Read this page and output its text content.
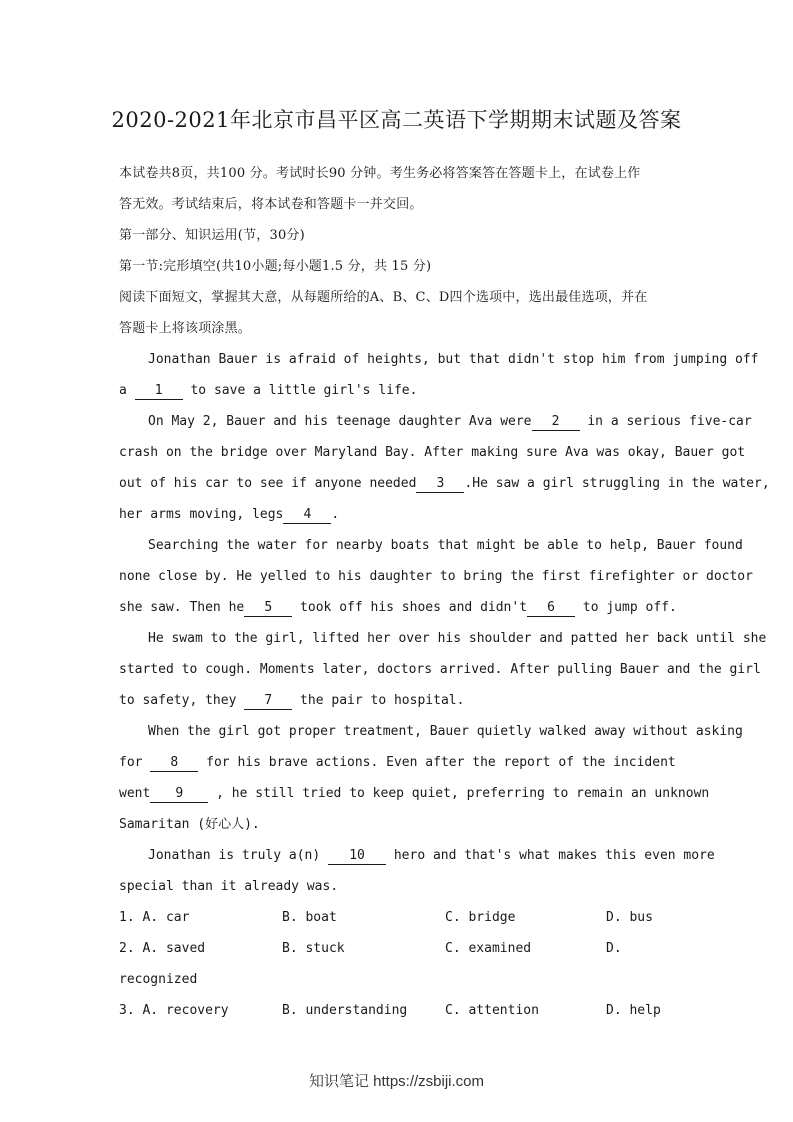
2020-2021年北京市昌平区高二英语下学期期末试题及答案
本试卷共8页，共100 分。考试时长90 分钟。考生务必将答案答在答题卡上，在试卷上作
答无效。考试结束后，将本试卷和答题卡一并交回。
第一部分、知识运用(节，30分)
第一节:完形填空(共10小题;每小题1.5 分，共 15 分)
阅读下面短文，掌握其大意，从每题所给的A、B、C、D四个选项中，选出最佳选项，并在
答题卡上将该项涂黑。
Jonathan Bauer is afraid of heights, but that didn't stop him from jumping off
a 1 to save a little girl's life.
On May 2, Bauer and his teenage daughter Ava were 2 in a serious five-car
crash on the bridge over Maryland Bay. After making sure Ava was okay, Bauer got
out of his car to see if anyone needed 3 .He saw a girl struggling in the water,
her arms moving, legs 4 .
Searching the water for nearby boats that might be able to help, Bauer found
none close by. He yelled to his daughter to bring the first firefighter or doctor
she saw. Then he 5 took off his shoes and didn't 6 to jump off.
He swam to the girl, lifted her over his shoulder and patted her back until she
started to cough. Moments later, doctors arrived. After pulling Bauer and the girl
to safety, they 7 the pair to hospital.
When the girl got proper treatment, Bauer quietly walked away without asking
for 8 for his brave actions. Even after the report of the incident
went 9 , he still tried to keep quiet, preferring to remain an unknown
Samaritan (好心人).
Jonathan is truly a(n) 10 hero and that's what makes this even more
special than it already was.
1. A. car	B. boat	C. bridge	D. bus
2. A. saved	B. stuck	C. examined	D.
recognized
3. A. recovery	B. understanding	C. attention	D. help
知识笔记 https://zsbiji.com
